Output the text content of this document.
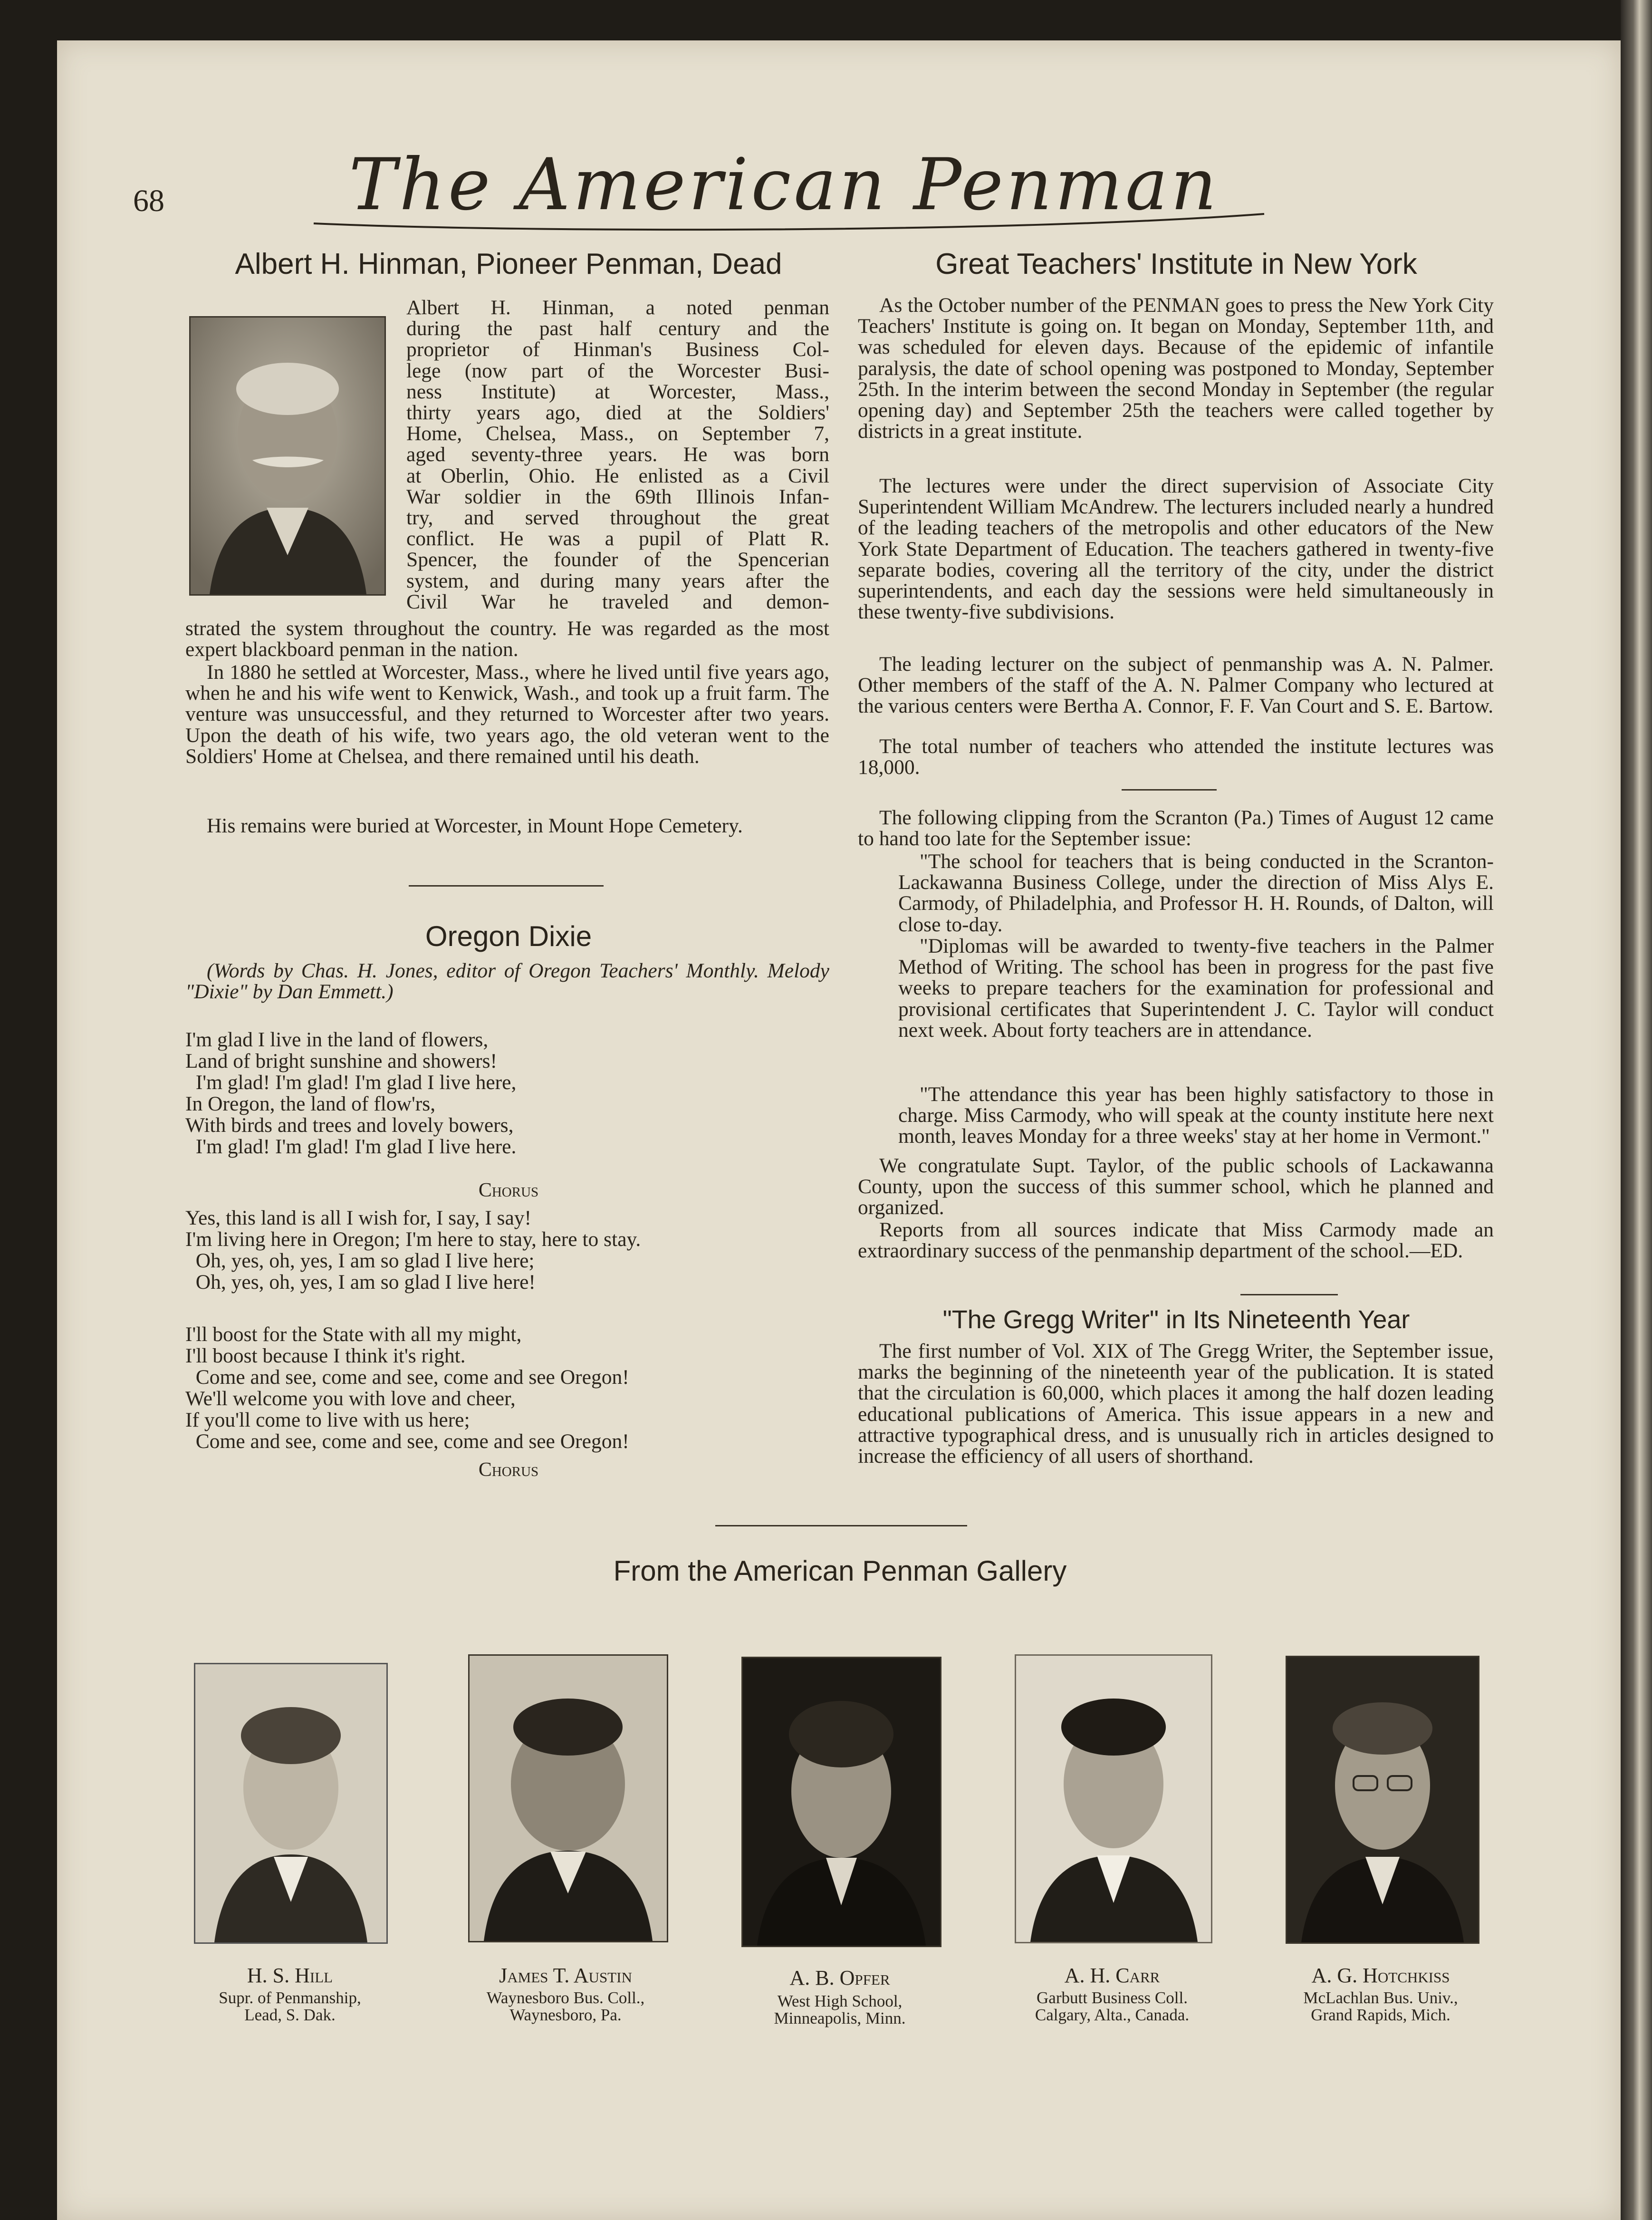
68	The American Penman
Albert H. Hinman, Pioneer Penman, Dead
Albert H. Hinman, a noted penman
during the past half century and the
proprietor of Hinman's Business Col-
lege (now part of the Worcester Busi-
ness Institute) at Worcester, Mass.,
thirty years ago, died at the Soldiers'
Home, Chelsea, Mass., on September 7,
aged seventy-three years. He was born
at Oberlin, Ohio. He enlisted as a Civil
War soldier in the 69th Illinois Infan-
try, and served throughout the great
conflict. He was a pupil of Platt R.
Spencer, the founder of the Spencerian
system, and during many years after the
Civil War he traveled and demon-

strated the system throughout the country. He was regarded as the most expert blackboard penman in the nation.

In 1880 he settled at Worcester, Mass., where he lived until five years ago, when he and his wife went to Kenwick, Wash., and took up a fruit farm. The venture was unsuccessful, and they returned to Worcester after two years. Upon the death of his wife, two years ago, the old veteran went to the Soldiers' Home at Chelsea, and there remained until his death.

His remains were buried at Worcester, in Mount Hope Cemetery.

Oregon Dixie

(Words by Chas. H. Jones, editor of Oregon Teachers' Monthly. Melody "Dixie" by Dan Emmett.)

I'm glad I live in the land of flowers,
Land of bright sunshine and showers!
I'm glad! I'm glad! I'm glad I live here,
In Oregon, the land of flow'rs,
With birds and trees and lovely bowers,
I'm glad! I'm glad! I'm glad I live here.
Chorus
Yes, this land is all I wish for, I say, I say!
I'm living here in Oregon; I'm here to stay, here to stay.
Oh, yes, oh, yes, I am so glad I live here;
Oh, yes, oh, yes, I am so glad I live here!
I'll boost for the State with all my might,
I'll boost because I think it's right.
Come and see, come and see, come and see Oregon!
We'll welcome you with love and cheer,
If you'll come to live with us here;
Come and see, come and see, come and see Oregon!
Chorus
Great Teachers' Institute in New York

As the October number of the PENMAN goes to press the New York City Teachers' Institute is going on. It began on Monday, September 11th, and was scheduled for eleven days. Because of the epidemic of infantile paralysis, the date of school opening was postponed to Monday, September 25th. In the interim between the second Monday in September (the regular opening day) and September 25th the teachers were called together by districts in a great institute.

The lectures were under the direct supervision of Associate City Superintendent William McAndrew. The lecturers included nearly a hundred of the leading teachers of the metropolis and other educators of the New York State Department of Education. The teachers gathered in twenty-five separate bodies, covering all the territory of the city, under the district superintendents, and each day the sessions were held simultaneously in these twenty-five subdivisions.

The leading lecturer on the subject of penmanship was A. N. Palmer. Other members of the staff of the A. N. Palmer Company who lectured at the various centers were Bertha A. Connor, F. F. Van Court and S. E. Bartow.

The total number of teachers who attended the institute lectures was 18,000.

The following clipping from the Scranton (Pa.) Times of August 12 came to hand too late for the September issue:

"The school for teachers that is being conducted in the Scranton-Lackawanna Business College, under the direction of Miss Alys E. Carmody, of Philadelphia, and Professor H. H. Rounds, of Dalton, will close to-day.

"Diplomas will be awarded to twenty-five teachers in the Palmer Method of Writing. The school has been in progress for the past five weeks to prepare teachers for the examination for professional and provisional certificates that Superintendent J. C. Taylor will conduct next week. About forty teachers are in attendance.

"The attendance this year has been highly satisfactory to those in charge. Miss Carmody, who will speak at the county institute here next month, leaves Monday for a three weeks' stay at her home in Vermont."

We congratulate Supt. Taylor, of the public schools of Lackawanna County, upon the success of this summer school, which he planned and organized.

Reports from all sources indicate that Miss Carmody made an extraordinary success of the penmanship department of the school.—ED.

"The Gregg Writer" in Its Nineteenth Year

The first number of Vol. XIX of The Gregg Writer, the September issue, marks the beginning of the nineteenth year of the publication. It is stated that the circulation is 60,000, which places it among the half dozen leading educational publications of America. This issue appears in a new and attractive typographical dress, and is unusually rich in articles designed to increase the efficiency of all users of shorthand.

From the American Penman Gallery
H. S. Hill
Supr. of Penmanship,
Lead, S. Dak.
James T. Austin
Waynesboro Bus. Coll.,
Waynesboro, Pa.
A. B. Opfer
West High School,
Minneapolis, Minn.
A. H. Carr
Garbutt Business Coll.
Calgary, Alta., Canada.
A. G. Hotchkiss
McLachlan Bus. Univ.,
Grand Rapids, Mich.
